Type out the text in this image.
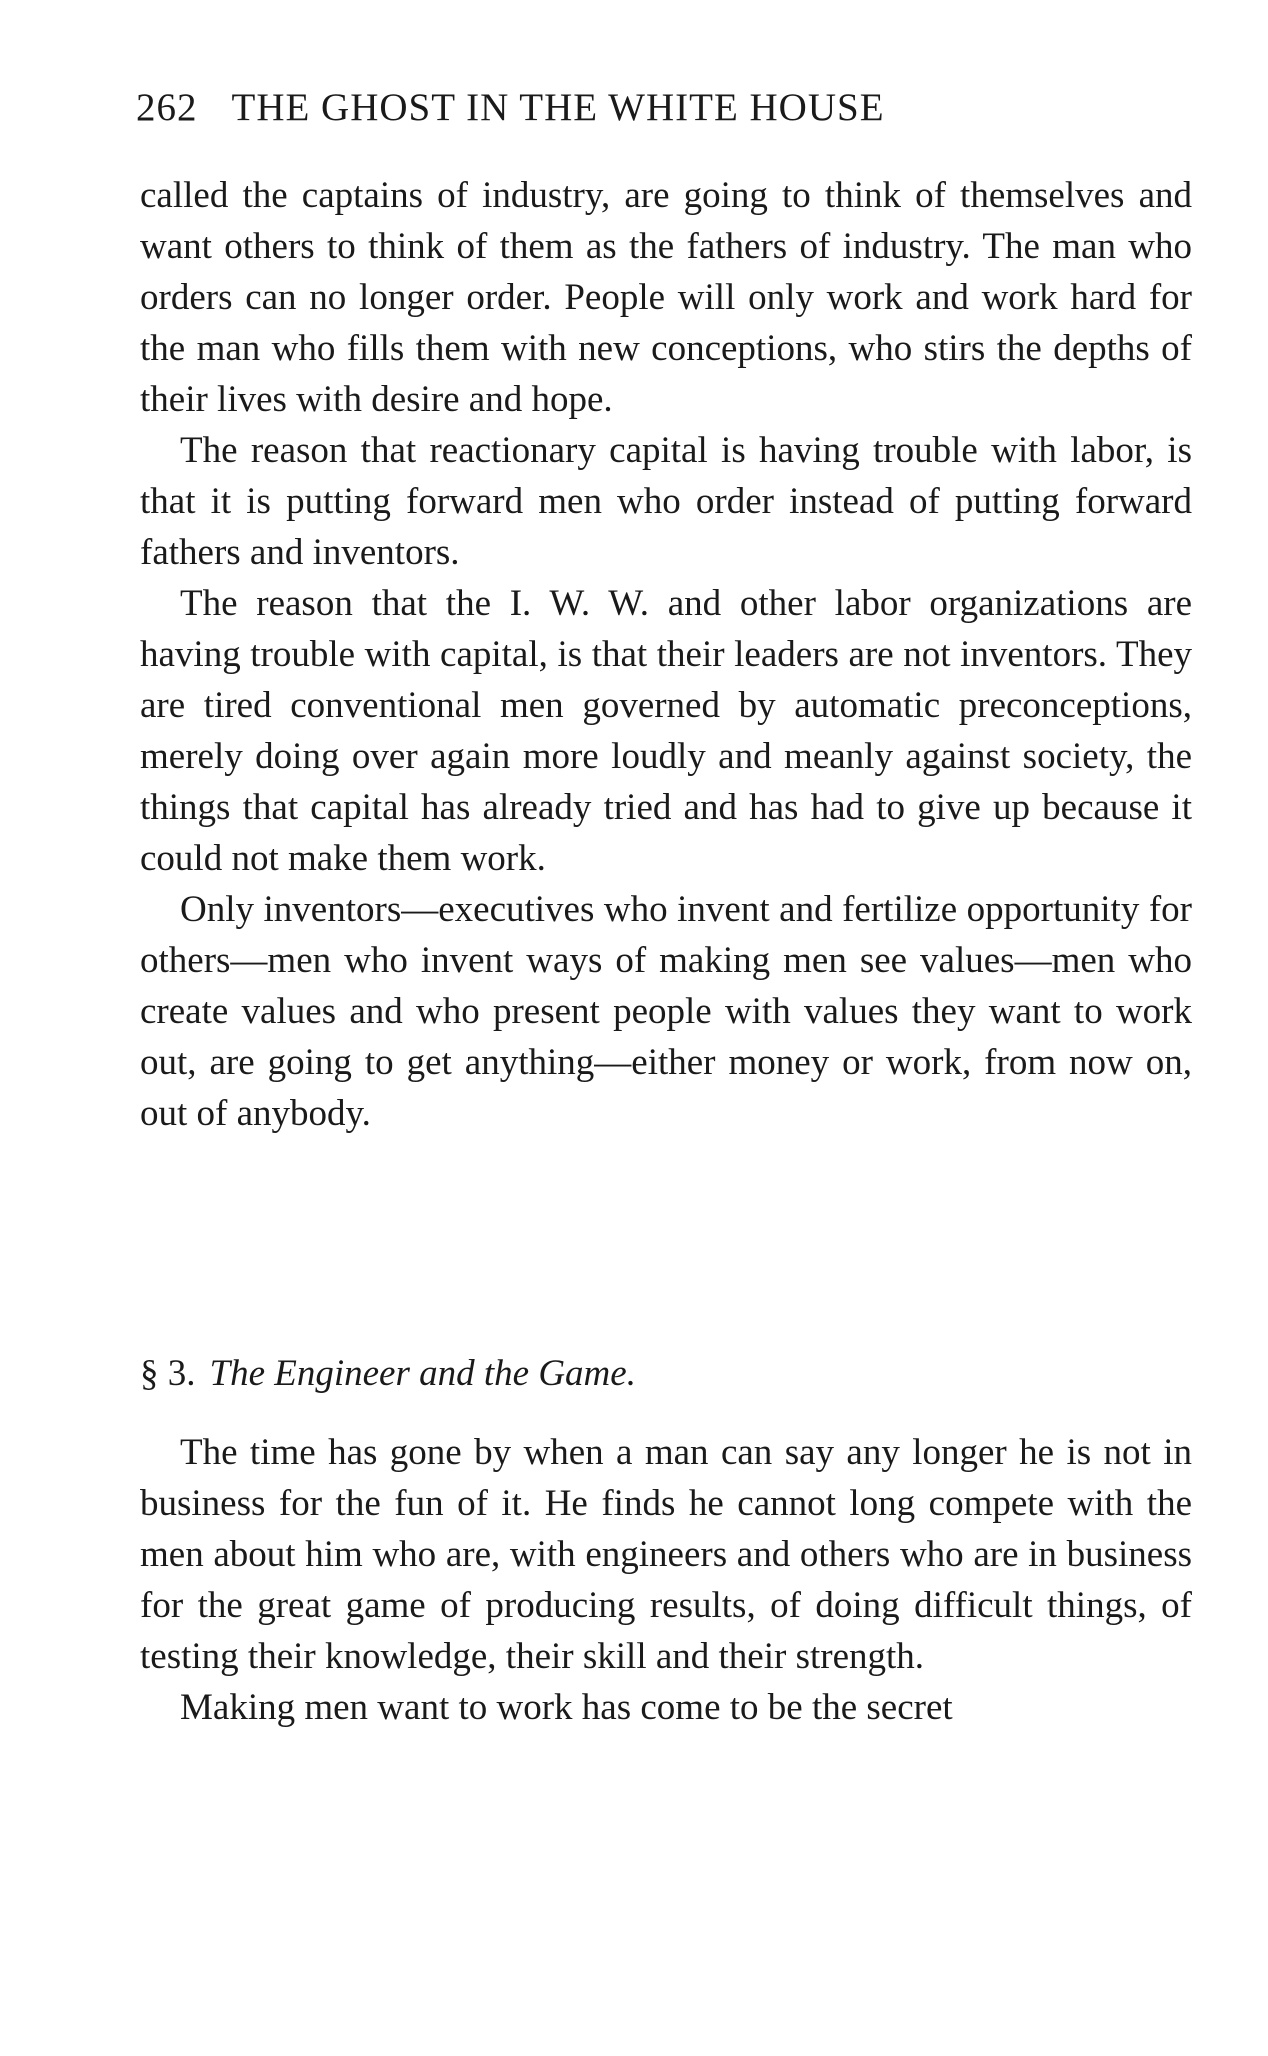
262 THE GHOST IN THE WHITE HOUSE

called the captains of industry, are going to think of themselves and want others to think of them as the fathers of industry. The man who orders can no longer order. People will only work and work hard for the man who fills them with new conceptions, who stirs the depths of their lives with desire and hope.

The reason that reactionary capital is having trouble with labor, is that it is putting forward men who order instead of putting forward fathers and inventors.

The reason that the I. W. W. and other labor organizations are having trouble with capital, is that their leaders are not inventors. They are tired conventional men governed by automatic preconceptions, merely doing over again more loudly and meanly against society, the things that capital has already tried and has had to give up because it could not make them work.

Only inventors—executives who invent and fertilize opportunity for others—men who invent ways of making men see values—men who create values and who present people with values they want to work out, are going to get anything—either money or work, from now on, out of anybody.

§ 3. The Engineer and the Game.

The time has gone by when a man can say any longer he is not in business for the fun of it. He finds he cannot long compete with the men about him who are, with engineers and others who are in business for the great game of producing results, of doing difficult things, of testing their knowledge, their skill and their strength.

Making men want to work has come to be the secret
